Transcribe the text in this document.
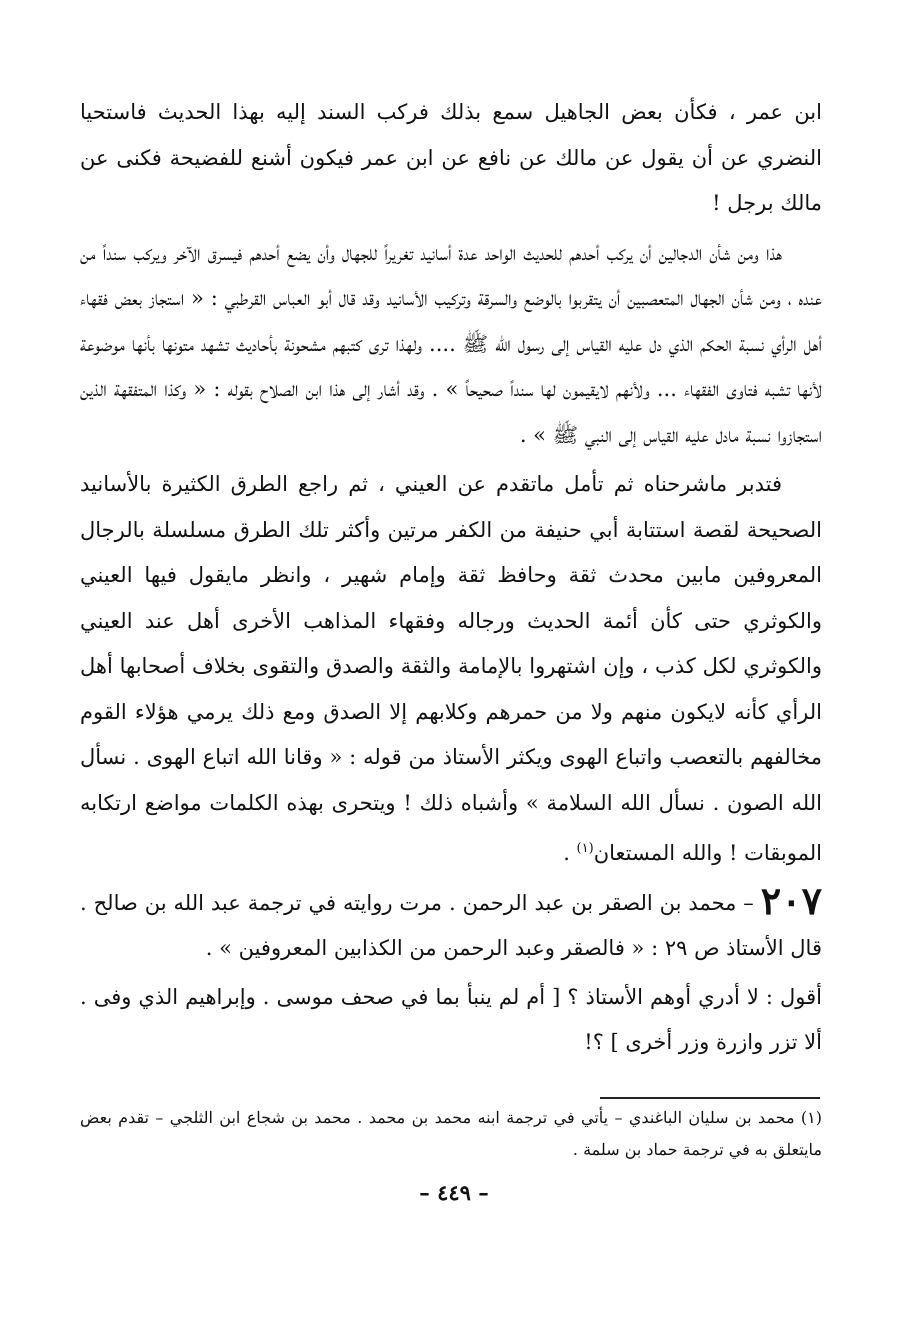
ابن عمر ، فكأن بعض الجاهيل سمع بذلك فركب السند إليه بهذا الحديث فاستحيا النضري عن أن يقول عن مالك عن نافع عن ابن عمر فيكون أشنع للفضيحة فكنى عن مالك برجل !

هذا ومن شأن الدجالين أن يركب أحدهم للحديث الواحد عدة أسانيد تغريراً للجهال وأن يضع أحدهم فيسرق الآخر ويركب سنداً من عنده ، ومن شأن الجهال المتعصبين أن يتقربوا بالوضع والسرقة وتركيب الأسانيد وقد قال أبو العباس القرطبي : « استجاز بعض فقهاء أهل الرأي نسبة الحكم الذي دل عليه القياس إلى رسول الله ﷺ .... ولهذا ترى كتبهم مشحونة بأحاديث تشهد متونها بأنها موضوعة لأنها تشبه فتاوى الفقهاء ... ولأنهم لايقيمون لها سنداً صحيحاً » . وقد أشار إلى هذا ابن الصلاح بقوله : « وكذا المتفقهة الذين استجازوا نسبة مادل عليه القياس إلى النبي ﷺ » .

فتدبر ماشرحناه ثم تأمل ماتقدم عن العيني ، ثم راجع الطرق الكثيرة بالأسانيد الصحيحة لقصة استتابة أبي حنيفة من الكفر مرتين وأكثر تلك الطرق مسلسلة بالرجال المعروفين مابين محدث ثقة وحافظ ثقة وإمام شهير ، وانظر مايقول فيها العيني والكوثري حتى كأن أئمة الحديث ورجاله وفقهاء المذاهب الأخرى أهل عند العيني والكوثري لكل كذب ، وإن اشتهروا بالإمامة والثقة والصدق والتقوى بخلاف أصحابها أهل الرأي كأنه لايكون منهم ولا من حمرهم وكلابهم إلا الصدق ومع ذلك يرمي هؤلاء القوم مخالفهم بالتعصب واتباع الهوى ويكثر الأستاذ من قوله : « وقانا الله اتباع الهوى . نسأل الله الصون . نسأل الله السلامة » وأشباه ذلك ! ويتحرى بهذه الكلمات مواضع ارتكابه الموبقات ! والله المستعان$^{(١)}$ .

٢٠٧ – محمد بن الصقر بن عبد الرحمن . مرت روايته في ترجمة عبد الله بن صالح . قال الأستاذ ص ٢٩ : « فالصقر وعبد الرحمن من الكذابين المعروفين » .

أقول : لا أدري أوهم الأستاذ ؟ [ أم لم ينبأ بما في صحف موسى . وإبراهيم الذي وفى . ألا تزر وازرة وزر أخرى ] ؟!

(١) محمد بن سليان الباغندي – يأتي في ترجمة ابنه محمد بن محمد . محمد بن شجاع ابن الثلجي – تقدم بعض مايتعلق به في ترجمة حماد بن سلمة .

– ٤٤٩ –
